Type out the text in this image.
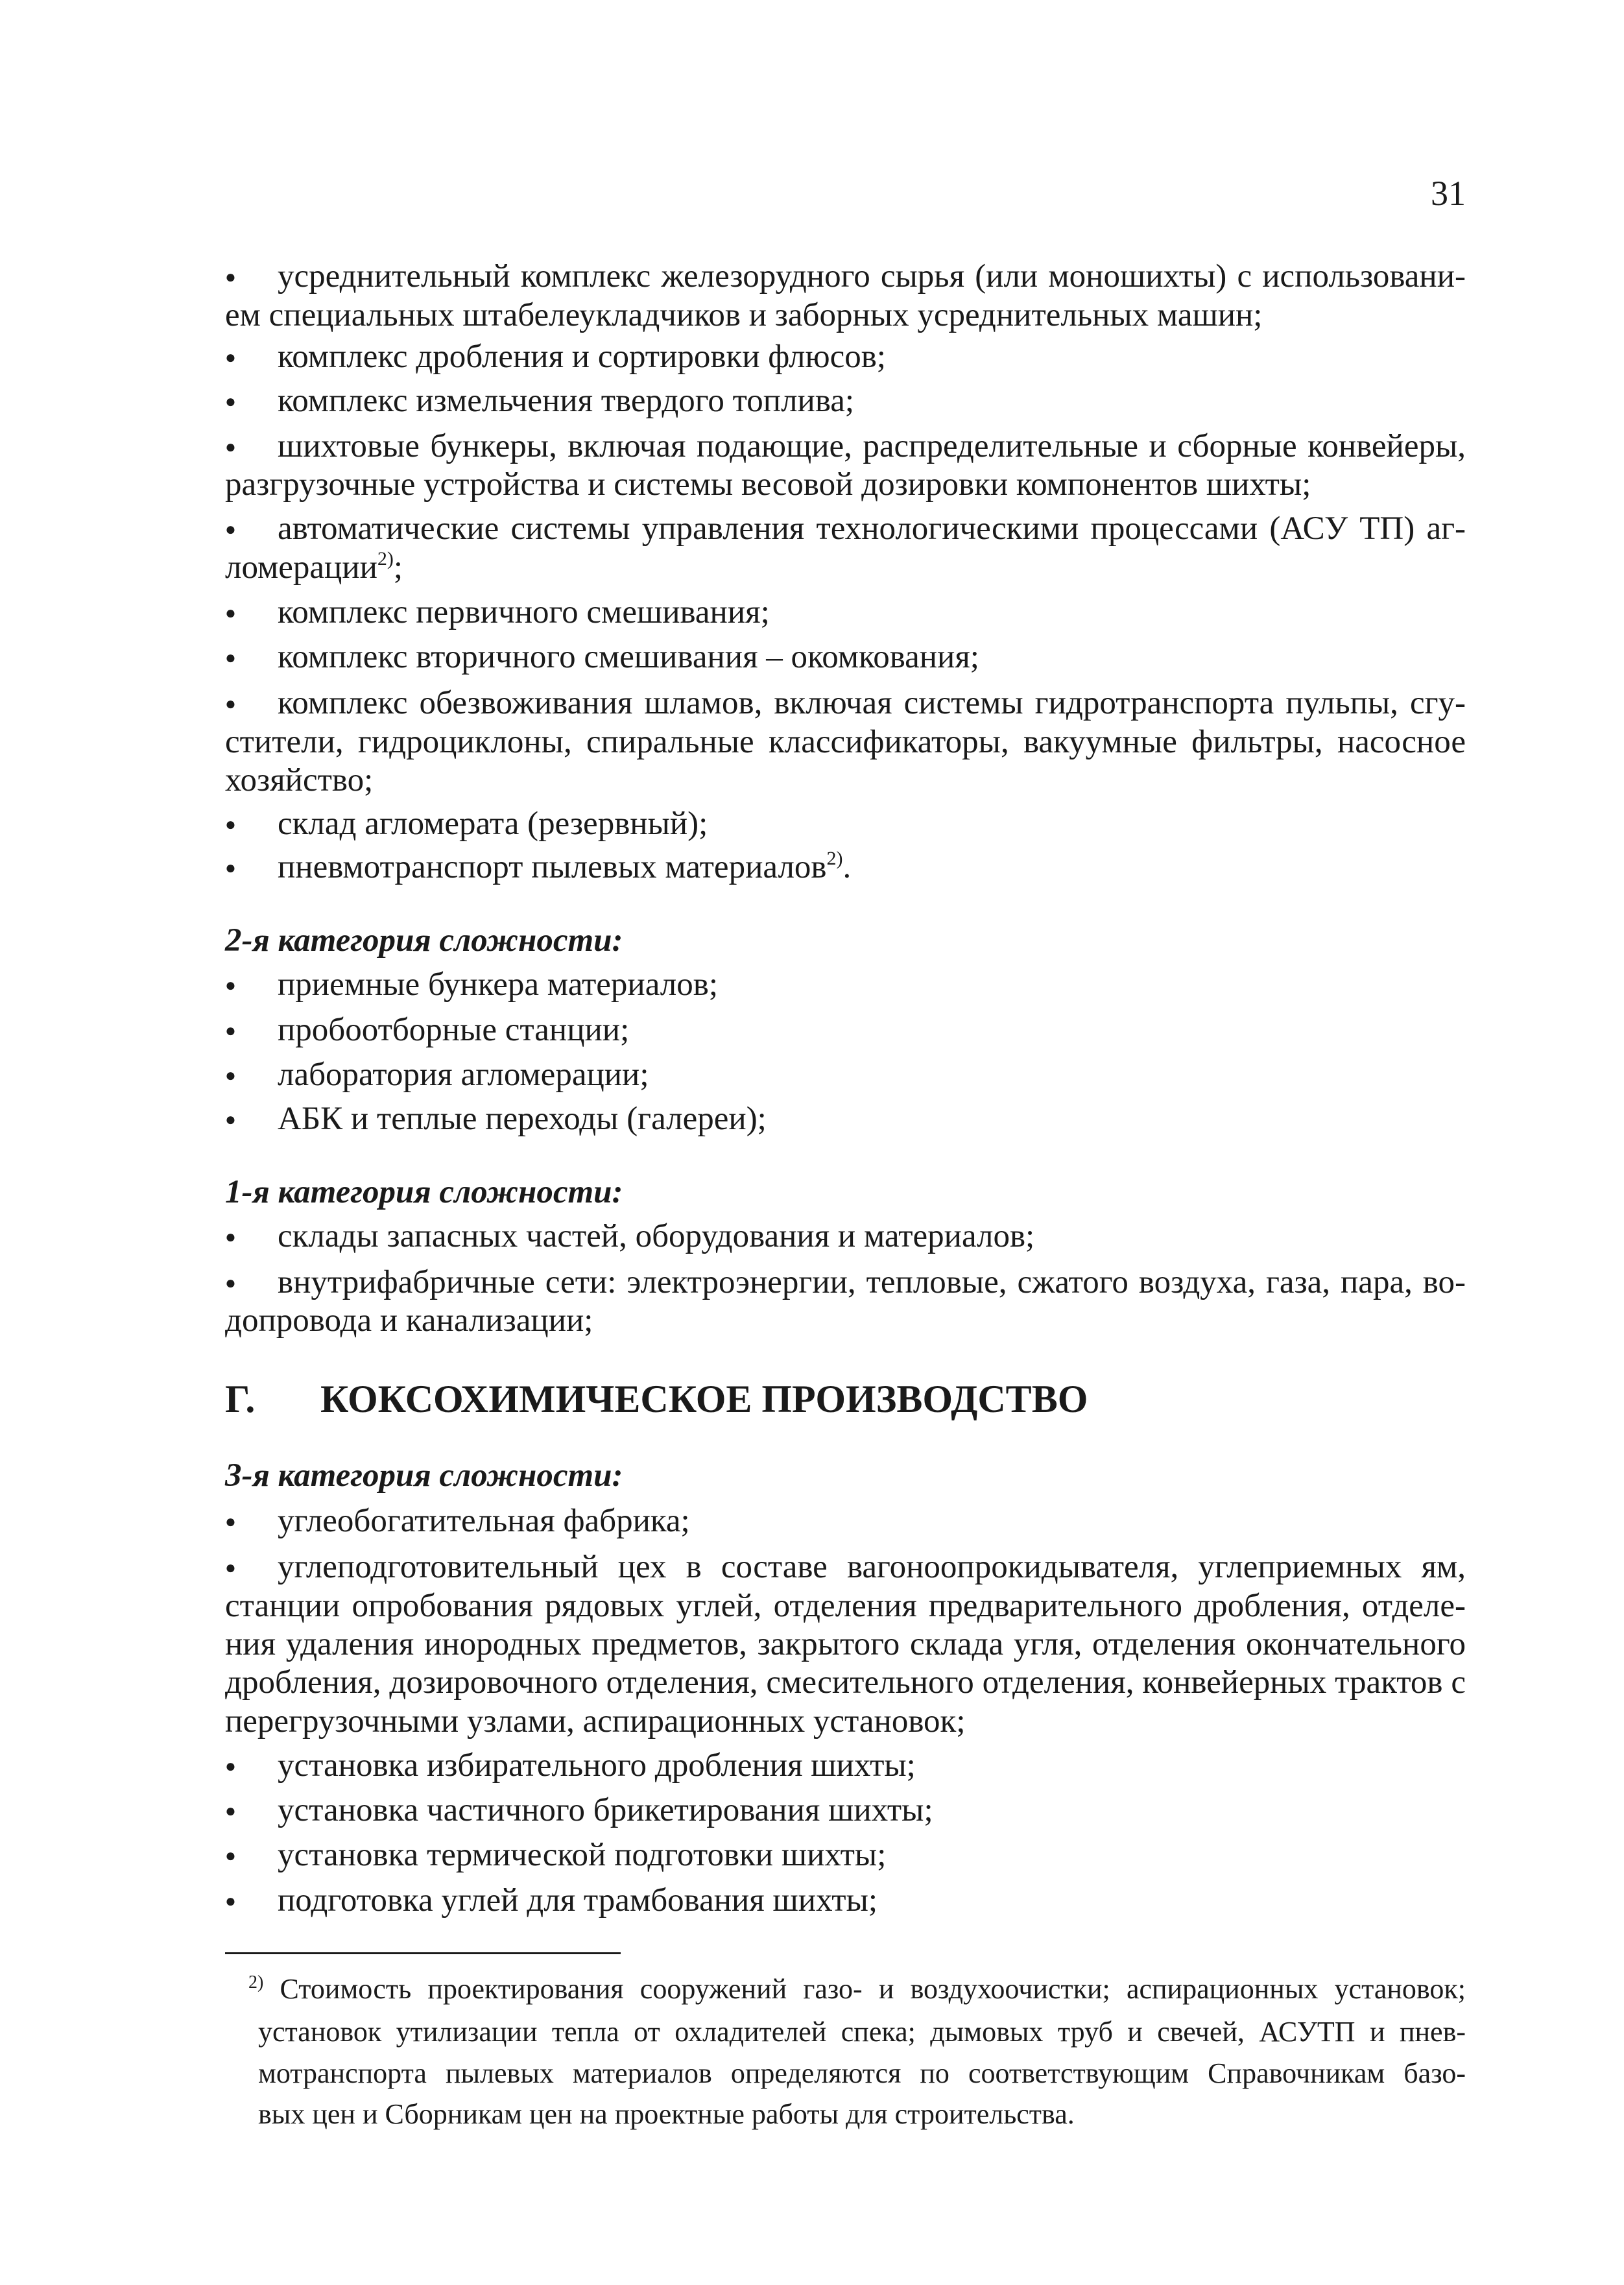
31
●
усреднительный комплекс железорудного сырья (или моношихты) с использовани-
ем специальных штабелеукладчиков и заборных усреднительных машин;
●
комплекс дробления и сортировки флюсов;
●
комплекс измельчения твердого топлива;
●
шихтовые бункеры, включая подающие, распределительные и сборные конвейеры,
разгрузочные устройства и системы весовой дозировки компонентов шихты;
●
автоматические системы управления технологическими процессами (АСУ ТП) аг-
ломерации$^{2)}$;
●
комплекс первичного смешивания;
●
комплекс вторичного смешивания – окомкования;
●
комплекс обезвоживания шламов, включая системы гидротранспорта пульпы, сгу-
стители, гидроциклоны, спиральные классификаторы, вакуумные фильтры, насосное
хозяйство;
●
склад агломерата (резервный);
●
пневмотранспорт пылевых материалов$^{2)}$.
2-я категория сложности:
●
приемные бункера материалов;
●
пробоотборные станции;
●
лаборатория агломерации;
●
АБК и теплые переходы (галереи);
1-я категория сложности:
●
склады запасных частей, оборудования и материалов;
●
внутрифабричные сети: электроэнергии, тепловые, сжатого воздуха, газа, пара, во-
допровода и канализации;
Г. КОКСОХИМИЧЕСКОЕ ПРОИЗВОДСТВО
3-я категория сложности:
●
углеобогатительная фабрика;
●
углеподготовительный цех в составе вагоноопрокидывателя, углеприемных ям,
станции опробования рядовых углей, отделения предварительного дробления, отделе-
ния удаления инородных предметов, закрытого склада угля, отделения окончательного
дробления, дозировочного отделения, смесительного отделения, конвейерных трактов с
перегрузочными узлами, аспирационных установок;
●
установка избирательного дробления шихты;
●
установка частичного брикетирования шихты;
●
установка термической подготовки шихты;
●
подготовка углей для трамбования шихты;
$^{2)}$ Стоимость проектирования сооружений газо- и воздухоочистки; аспирационных установок;
установок утилизации тепла от охладителей спека; дымовых труб и свечей, АСУТП и пнев-
мотранспорта пылевых материалов определяются по соответствующим Справочникам базо-
вых цен и Сборникам цен на проектные работы для строительства.
